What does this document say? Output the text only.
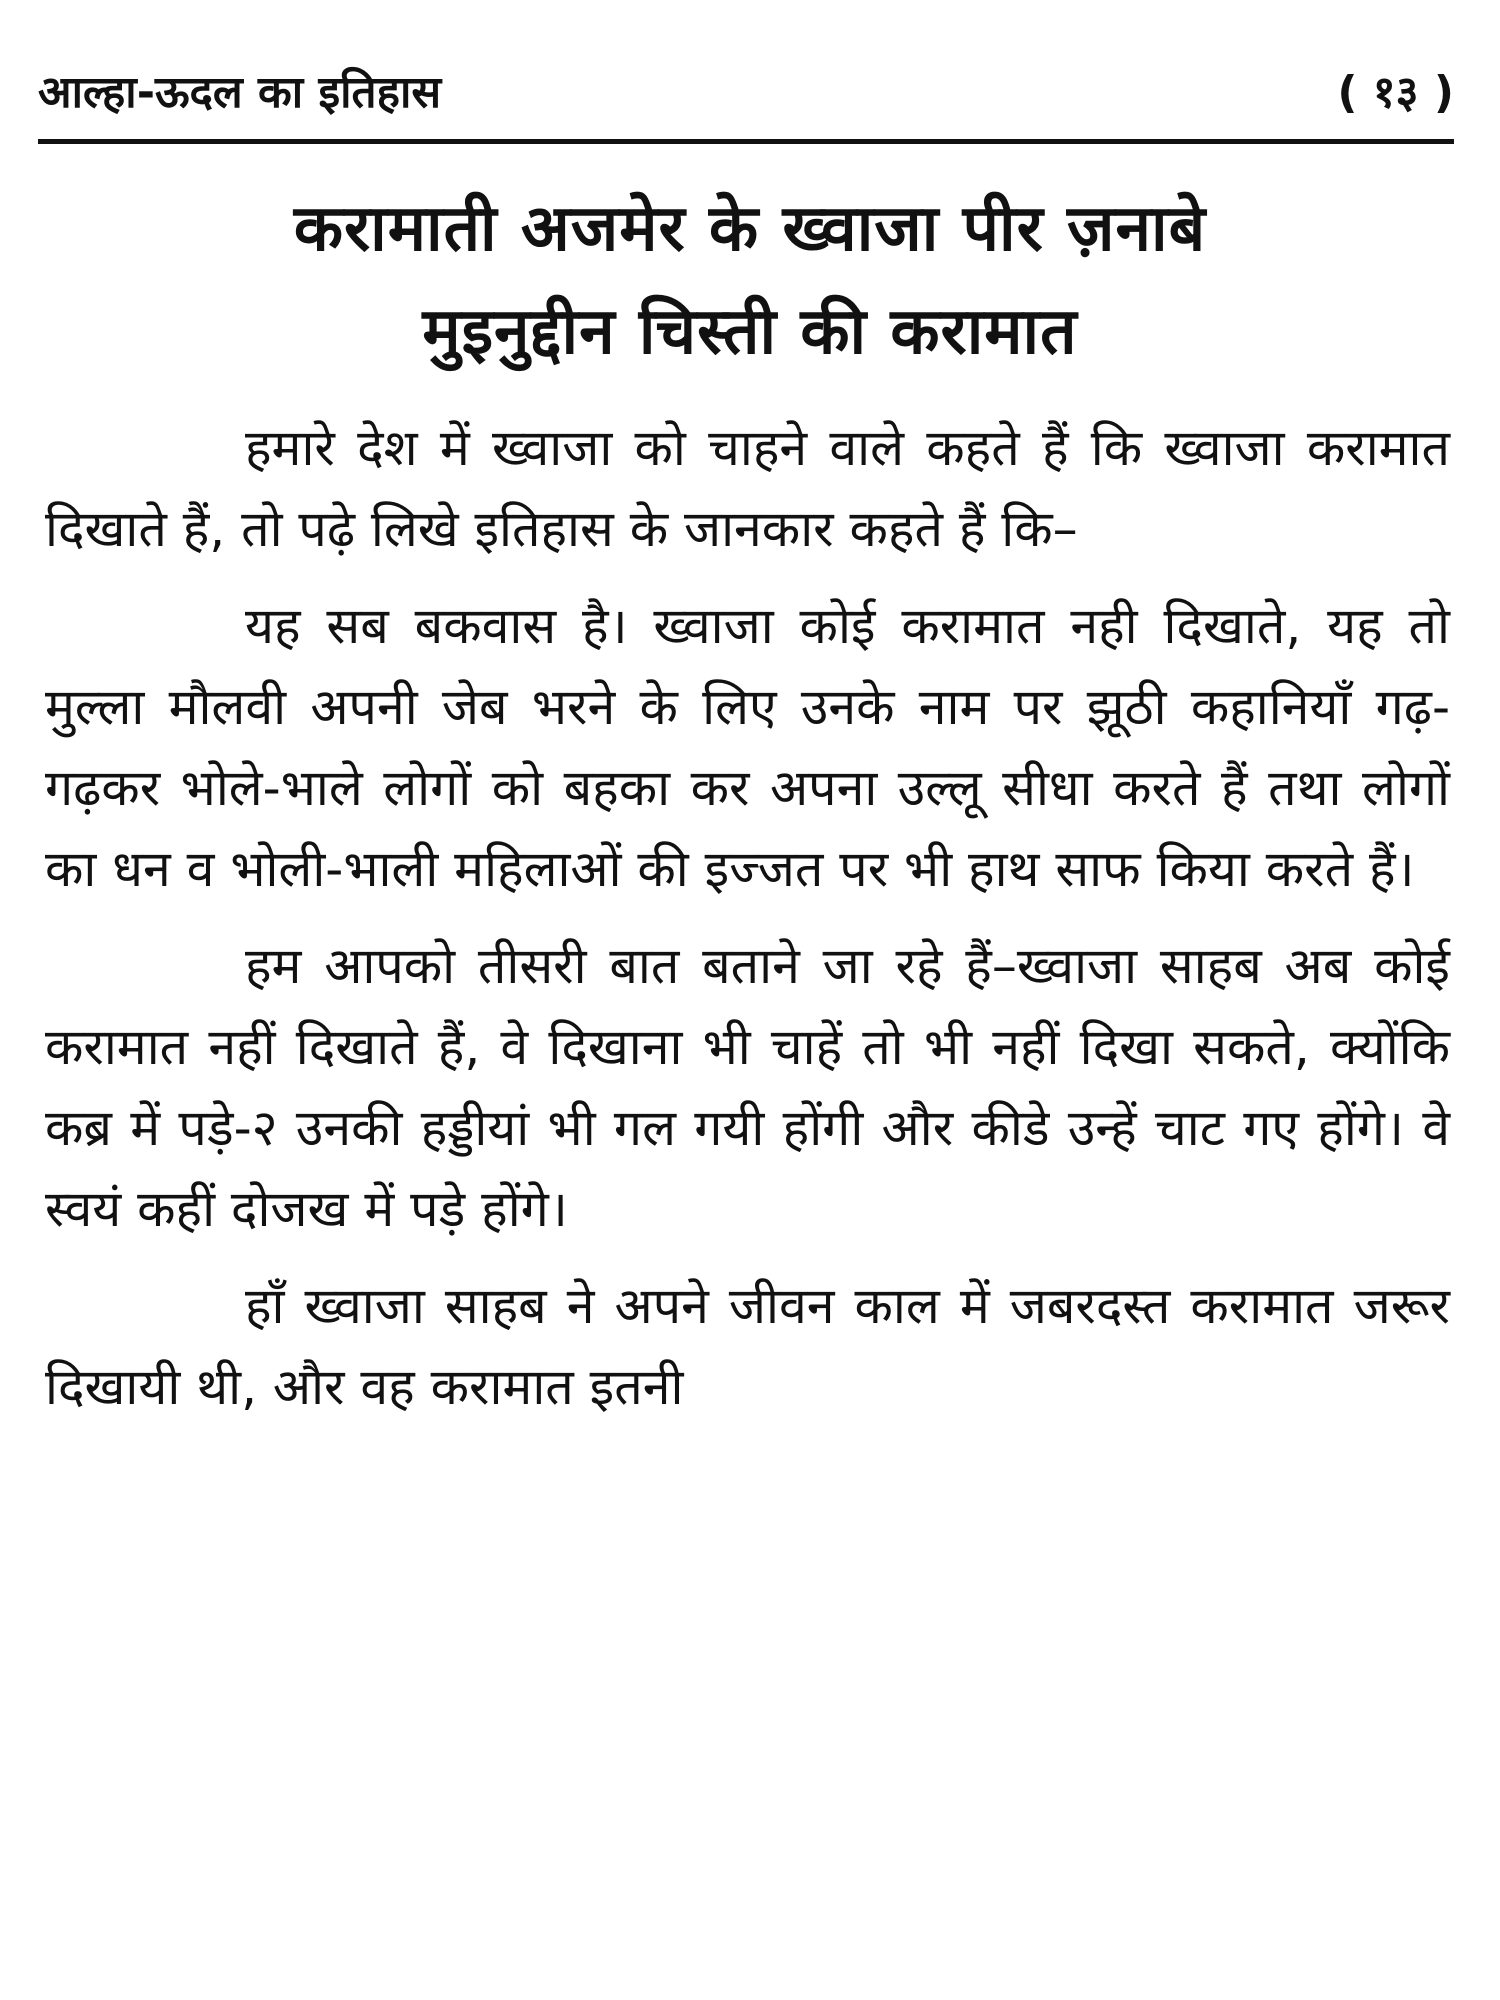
आल्हा-ऊदल का इतिहास	( १३ )
करामाती अजमेर के ख्वाजा पीर ज़नाबे
मुइनुद्दीन चिस्ती की करामात

हमारे देश में ख्वाजा को चाहने वाले कहते हैं कि ख्वाजा करामात दिखाते हैं, तो पढ़े लिखे इतिहास के जानकार कहते हैं कि–

यह सब बकवास है। ख्वाजा कोई करामात नही दिखाते, यह तो मुल्ला मौलवी अपनी जेब भरने के लिए उनके नाम पर झूठी कहानियाँ गढ़-गढ़कर भोले-भाले लोगों को बहका कर अपना उल्लू सीधा करते हैं तथा लोगों का धन व भोली-भाली महिलाओं की इज्जत पर भी हाथ साफ किया करते हैं।

हम आपको तीसरी बात बताने जा रहे हैं–ख्वाजा साहब अब कोई करामात नहीं दिखाते हैं, वे दिखाना भी चाहें तो भी नहीं दिखा सकते, क्योंकि कब्र में पड़े-२ उनकी हड्डीयां भी गल गयी होंगी और कीडे उन्हें चाट गए होंगे। वे स्वयं कहीं दोजख में पड़े होंगे।

हाँ ख्वाजा साहब ने अपने जीवन काल में जबरदस्त करामात जरूर दिखायी थी, और वह करामात इतनी
